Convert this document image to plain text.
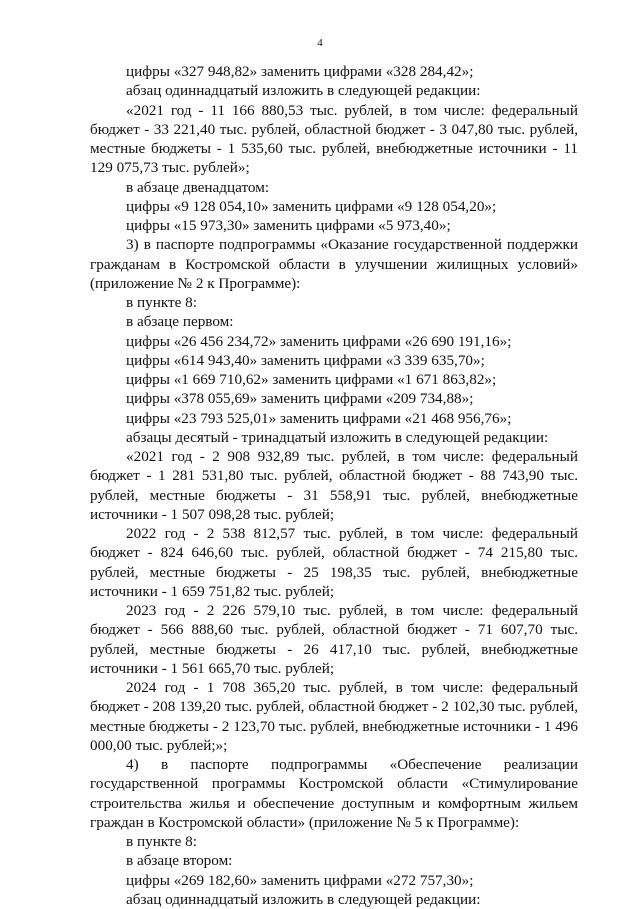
4

цифры «327 948,82» заменить цифрами «328 284,42»;

абзац одиннадцатый изложить в следующей редакции:

«2021 год - 11 166 880,53 тыс. рублей, в том числе: федеральный бюджет - 33 221,40 тыс. рублей, областной бюджет - 3 047,80 тыс. рублей, местные бюджеты - 1 535,60 тыс. рублей, внебюджетные источники - 11 129 075,73 тыс. рублей»;

в абзаце двенадцатом:

цифры «9 128 054,10» заменить цифрами «9 128 054,20»;

цифры «15 973,30» заменить цифрами «5 973,40»;

3) в паспорте подпрограммы «Оказание государственной поддержки гражданам в Костромской области в улучшении жилищных условий» (приложение № 2 к Программе):

в пункте 8:

в абзаце первом:

цифры «26 456 234,72» заменить цифрами «26 690 191,16»;

цифры «614 943,40» заменить цифрами «3 339 635,70»;

цифры «1 669 710,62» заменить цифрами «1 671 863,82»;

цифры «378 055,69» заменить цифрами «209 734,88»;

цифры «23 793 525,01» заменить цифрами «21 468 956,76»;

абзацы десятый - тринадцатый изложить в следующей редакции:

«2021 год - 2 908 932,89 тыс. рублей, в том числе: федеральный бюджет - 1 281 531,80 тыс. рублей, областной бюджет - 88 743,90 тыс. рублей, местные бюджеты - 31 558,91 тыс. рублей, внебюджетные источники - 1 507 098,28 тыс. рублей;

2022 год - 2 538 812,57 тыс. рублей, в том числе: федеральный бюджет - 824 646,60 тыс. рублей, областной бюджет - 74 215,80 тыс. рублей, местные бюджеты - 25 198,35 тыс. рублей, внебюджетные источники - 1 659 751,82 тыс. рублей;

2023 год - 2 226 579,10 тыс. рублей, в том числе: федеральный бюджет - 566 888,60 тыс. рублей, областной бюджет - 71 607,70 тыс. рублей, местные бюджеты - 26 417,10 тыс. рублей, внебюджетные источники - 1 561 665,70 тыс. рублей;

2024 год - 1 708 365,20 тыс. рублей, в том числе: федеральный бюджет - 208 139,20 тыс. рублей, областной бюджет - 2 102,30 тыс. рублей, местные бюджеты - 2 123,70 тыс. рублей, внебюджетные источники - 1 496 000,00 тыс. рублей;»;

4) в паспорте подпрограммы «Обеспечение реализации государственной программы Костромской области «Стимулирование строительства жилья и обеспечение доступным и комфортным жильем граждан в Костромской области» (приложение № 5 к Программе):

в пункте 8:

в абзаце втором:

цифры «269 182,60» заменить цифрами «272 757,30»;

абзац одиннадцатый изложить в следующей редакции:
